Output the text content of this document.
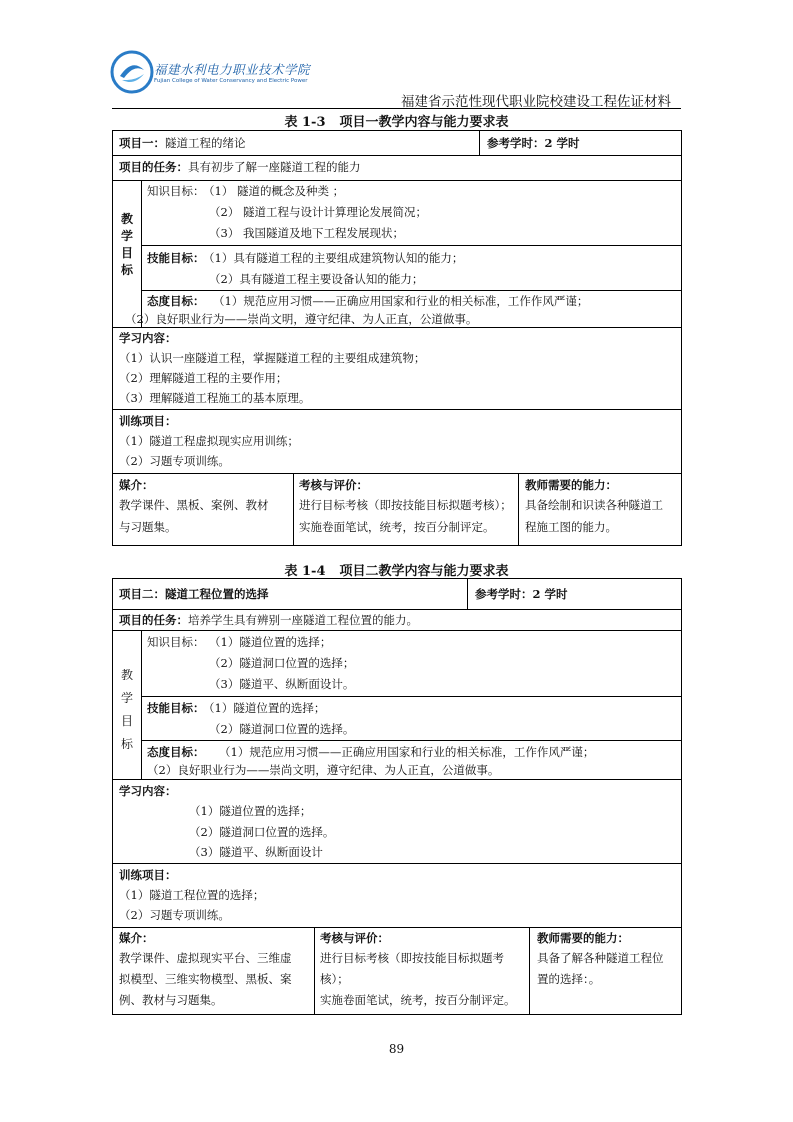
福建水利电力职业技术学院
Fujian College of Water Conservancy and Electric Power
福建省示范性现代职业院校建设工程佐证材料
表 1-3 项目一教学内容与能力要求表
项目一：隧道工程的绪论	参考学时：2 学时
项目的任务：具有初步了解一座隧道工程的能力
教
学
目
标
知识目标：
（1） 隧道的概念及种类 ；
（2） 隧道工程与设计计算理论发展简况；
（3） 我国隧道及地下工程发展现状；
技能目标：
（1）具有隧道工程的主要组成建筑物认知的能力；
（2）具有隧道工程主要设备认知的能力；
态度目标： （1）规范应用习惯——正确应用国家和行业的相关标准，工作作风严谨；
（2）良好职业行为——崇尚文明，遵守纪律、为人正直，公道做事。
学习内容：
（1）认识一座隧道工程，掌握隧道工程的主要组成建筑物；
（2）理解隧道工程的主要作用；
（3）理解隧道工程施工的基本原理。
训练项目：
（1）隧道工程虚拟现实应用训练；
（2）习题专项训练。
媒介：
教学课件、黑板、案例、教材
与习题集。
考核与评价：
进行目标考核（即按技能目标拟题考核）；
实施卷面笔试，统考，按百分制评定。
教师需要的能力：
具备绘制和识读各种隧道工
程施工图的能力。
表 1-4 项目二教学内容与能力要求表
项目二：隧道工程位置的选择	参考学时：2 学时
项目的任务：培养学生具有辨别一座隧道工程位置的能力。
教
学
目
标
知识目标： （1）隧道位置的选择；
（2）隧道洞口位置的选择；
（3）隧道平、纵断面设计。
技能目标：
（1）隧道位置的选择；
（2）隧道洞口位置的选择。
态度目标： （1）规范应用习惯——正确应用国家和行业的相关标准，工作作风严谨；
（2）良好职业行为——崇尚文明，遵守纪律、为人正直，公道做事。
学习内容：
（1）隧道位置的选择；
（2）隧道洞口位置的选择。
（3）隧道平、纵断面设计
训练项目：
（1）隧道工程位置的选择；
（2）习题专项训练。
媒介：
教学课件、虚拟现实平台、三维虚
拟模型、三维实物模型、黑板、案
例、教材与习题集。
考核与评价：
进行目标考核（即按技能目标拟题考
核）；
实施卷面笔试，统考，按百分制评定。
教师需要的能力：
具备了解各种隧道工程位
置的选择：。
89
